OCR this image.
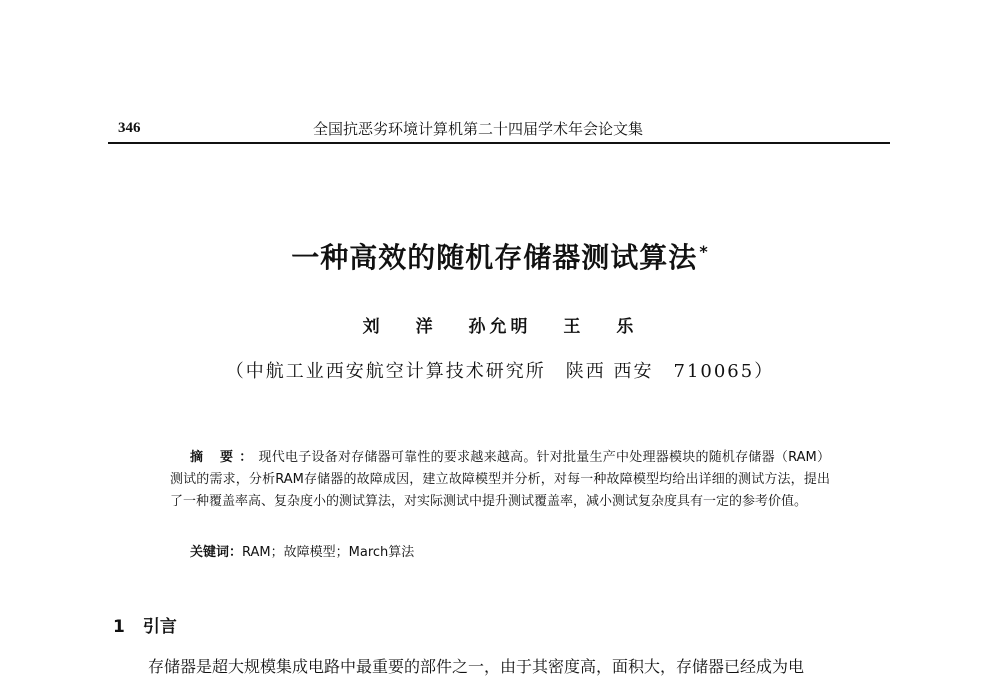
346	全国抗恶劣环境计算机第二十四届学术年会论文集
一种高效的随机存储器测试算法 *
刘 洋 孙允明 王 乐
（中航工业西安航空计算技术研究所　陕西 西安　710065）
摘 要：现代电子设备对存储器可靠性的要求越来越高。针对批量生产中处理器模块的随机存储器（RAM）测试的需求，分析RAM存储器的故障成因，建立故障模型并分析，对每一种故障模型均给出详细的测试方法，提出了一种覆盖率高、复杂度小的测试算法，对实际测试中提升测试覆盖率，减小测试复杂度具有一定的参考价值。
关键词：RAM；故障模型；March算法
1 引言
存储器是超大规模集成电路中最重要的部件之一，由于其密度高，面积大，存储器已经成为电
